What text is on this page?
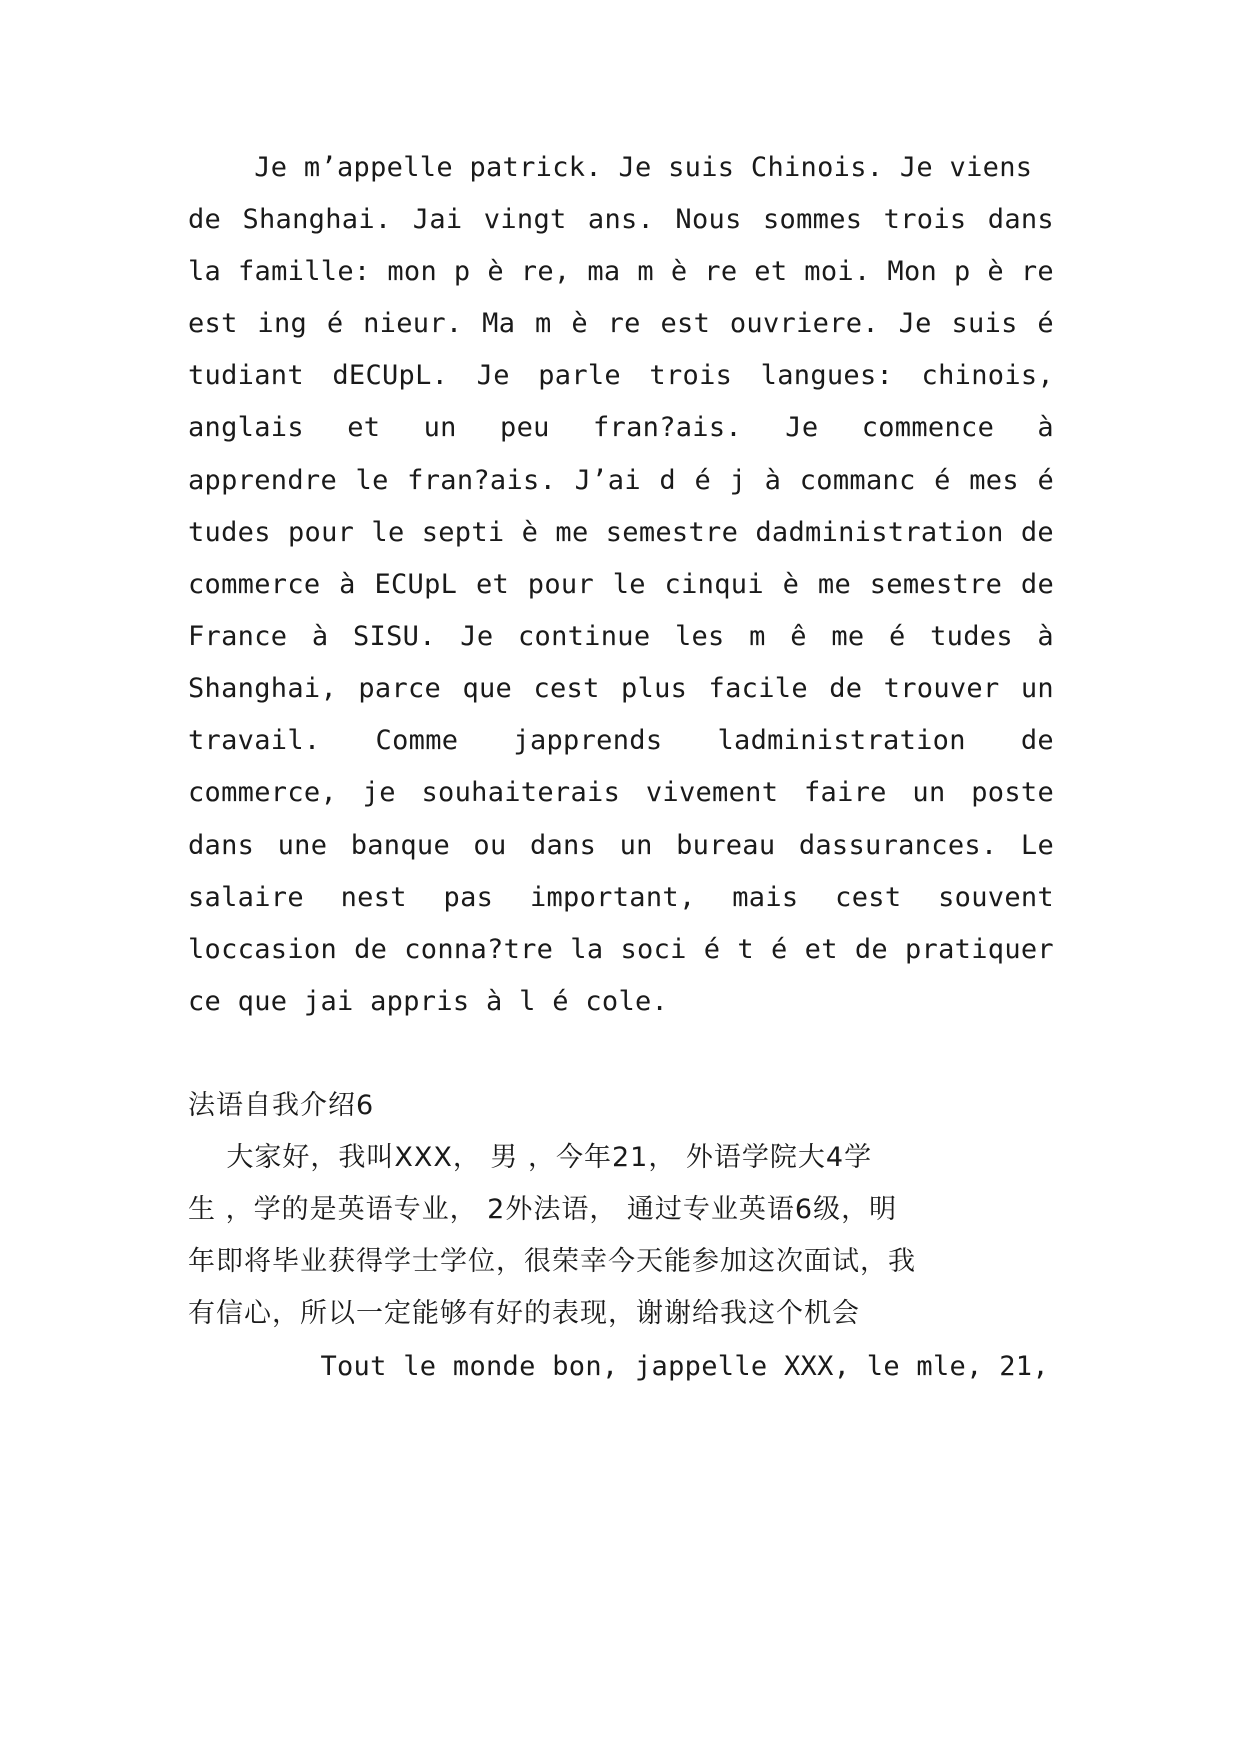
Je m’appelle patrick. Je suis Chinois. Je viens
de Shanghai. Jai vingt ans. Nous sommes trois dans
la famille: mon p è re, ma m è re et moi. Mon p è re
est ing é nieur. Ma m è re est ouvriere. Je suis é
tudiant dECUpL. Je parle trois langues: chinois,
anglais et un peu fran?ais. Je commence à
apprendre le fran?ais. J’ai d é j à commanc é mes é
tudes pour le septi è me semestre dadministration de
commerce à ECUpL et pour le cinqui è me semestre de
France à SISU. Je continue les m ê me é tudes à
Shanghai, parce que cest plus facile de trouver un
travail. Comme japprends ladministration de
commerce, je souhaiterais vivement faire un poste
dans une banque ou dans un bureau dassurances. Le
salaire nest pas important, mais cest souvent
loccasion de conna?tre la soci é t é et de pratiquer
ce que jai appris à l é cole.
法语自我介绍6
大家好，我叫XXX， 男 ，今年21， 外语学院大4学
生 ，学的是英语专业， 2外法语， 通过专业英语6级，明
年即将毕业获得学士学位，很荣幸今天能参加这次面试，我
有信心，所以一定能够有好的表现，谢谢给我这个机会
Tout le monde bon, jappelle XXX, le mle, 21,
